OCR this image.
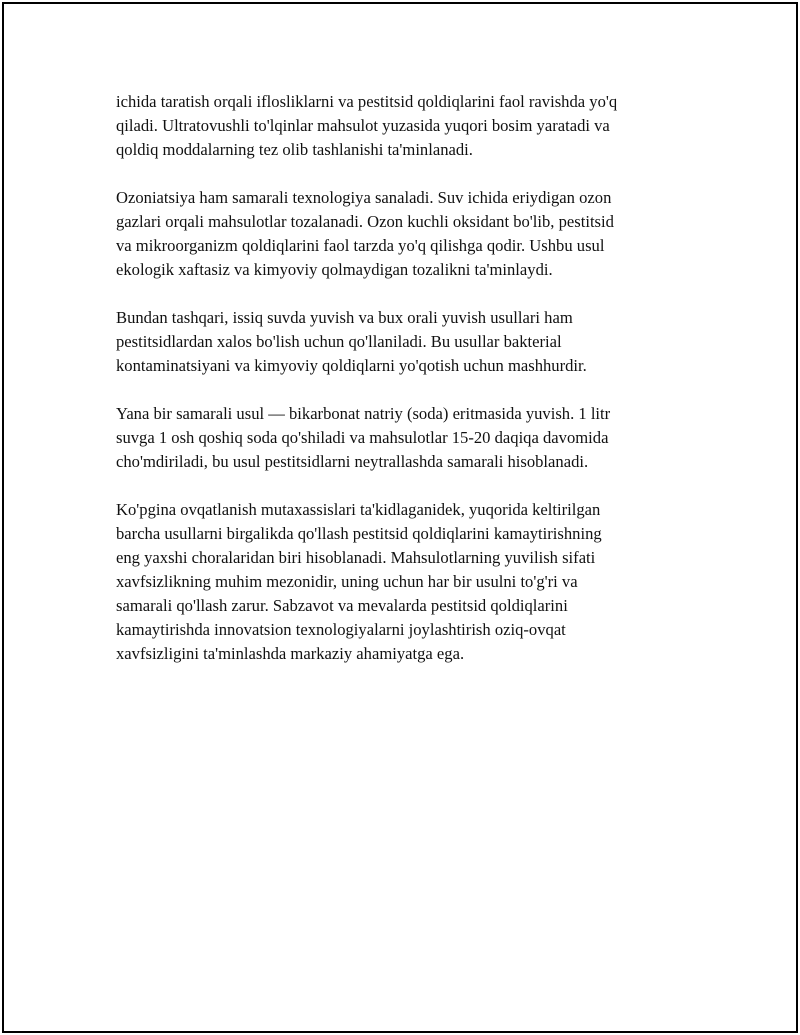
ichida taratish orqali iflosliklаrni va pestitsid qoldiqlarini faol ravishda yo'q
qiladi. Ultratovushli to'lqinlar mahsulot yuzasida yuqori bosim yaratadi va
qoldiq moddalarning tez olib tashlanishi ta'minlanadi.

Ozoniatsiya ham samarali texnologiya sanaladi. Suv ichida eriydigan ozon
gazlari orqali mahsulotlar tozalanadi. Ozon kuchli oksidant bo'lib, pestitsid
va mikroorganizm qoldiqlarini faol tarzda yo'q qilishga qodir. Ushbu usul
ekologik xaftasiz va kimyoviy qolmaydigan tozalikni ta'minlaydi.

Bundan tashqari, issiq suvda yuvish va bux orali yuvish usullari ham
pestitsidlardan xalos bo'lish uchun qo'llaniladi. Bu usullar bakterial
kontaminatsiyani va kimyoviy qoldiqlarni yo'qotish uchun mashhurdir.

Yana bir samarali usul — bikarbonat natriy (soda) eritmasida yuvish. 1 litr
suvga 1 osh qoshiq soda qo'shiladi va mahsulotlar 15-20 daqiqa davomida
cho'mdiriladi, bu usul pestitsidlarni neytrallashda samarali hisoblanadi.

Ko'pgina ovqatlanish mutaxassislari ta'kidlaganidek, yuqorida keltirilgan
barcha usullarni birgalikda qo'llash pestitsid qoldiqlarini kamaytirishning
eng yaxshi choralaridan biri hisoblanadi. Mahsulotlarning yuvilish sifati
xavfsizlikning muhim mezonidir, uning uchun har bir usulni to'g'ri va
samarali qo'llash zarur. Sabzavot va mevalarda pestitsid qoldiqlarini
kamaytirishda innovatsion texnologiyalarni joylashtirish oziq-ovqat
xavfsizligini ta'minlashda markaziy ahamiyatga ega.
